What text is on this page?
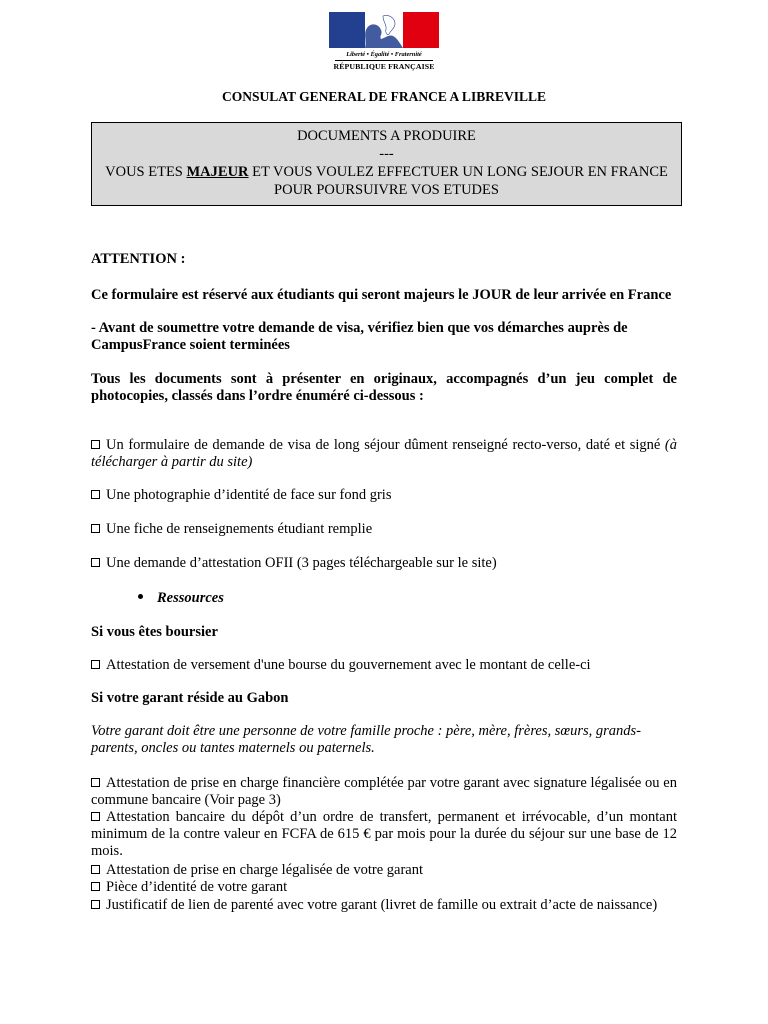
Liberté • Égalité • Fraternité
RÉPUBLIQUE FRANÇAISE
CONSULAT GENERAL DE FRANCE A LIBREVILLE
DOCUMENTS A PRODUIRE
---
VOUS ETES MAJEUR ET VOUS VOULEZ EFFECTUER UN LONG SEJOUR EN FRANCE POUR POURSUIVRE VOS ETUDES
ATTENTION :
Ce formulaire est réservé aux étudiants qui seront majeurs le JOUR de leur arrivée en France
- Avant de soumettre votre demande de visa, vérifiez bien que vos démarches auprès de CampusFrance soient terminées
Tous les documents sont à présenter en originaux, accompagnés d’un jeu complet de photocopies, classés dans l’ordre énuméré ci-dessous :
Un formulaire de demande de visa de long séjour dûment renseigné recto-verso, daté et signé (à télécharger à partir du site)
Une photographie d’identité de face sur fond gris
Une fiche de renseignements étudiant remplie
Une demande d’attestation OFII (3 pages téléchargeable sur le site)
Ressources
Si vous êtes boursier
Attestation de versement d'une bourse du gouvernement avec le montant de celle-ci
Si votre garant réside au Gabon
Votre garant doit être une personne de votre famille proche : père, mère, frères, sœurs, grands-parents, oncles ou tantes maternels ou paternels.
Attestation de prise en charge financière complétée par votre garant avec signature légalisée ou en commune bancaire (Voir page 3)
Attestation bancaire du dépôt d’un ordre de transfert, permanent et irrévocable, d’un montant minimum de la contre valeur en FCFA de 615 € par mois pour la durée du séjour sur une base de 12 mois.
Attestation de prise en charge légalisée de votre garant
Pièce d’identité de votre garant
Justificatif de lien de parenté avec votre garant (livret de famille ou extrait d’acte de naissance)
